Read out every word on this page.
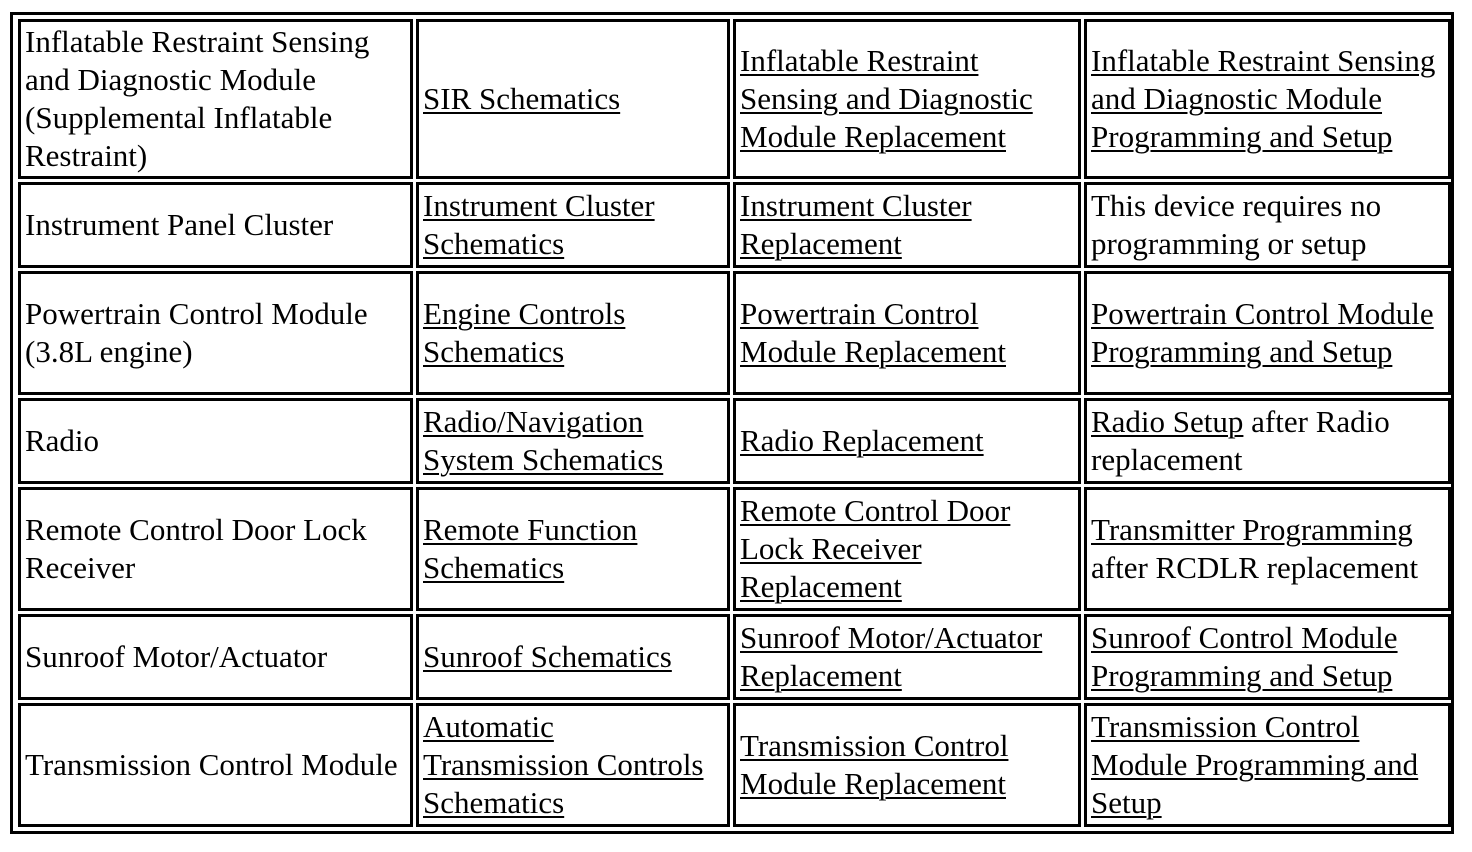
Inflatable Restraint Sensing and Diagnostic Module (Supplemental Inflatable Restraint)	SIR Schematics	Inflatable Restraint Sensing and Diagnostic Module Replacement	Inflatable Restraint Sensing and Diagnostic Module Programming and Setup
Instrument Panel Cluster	Instrument Cluster Schematics	Instrument Cluster Replacement	This device requires no programming or setup
Powertrain Control Module (3.8L engine)	Engine Controls Schematics	Powertrain Control Module Replacement	Powertrain Control Module Programming and Setup
Radio	Radio/Navigation System Schematics	Radio Replacement	Radio Setup after Radio replacement
Remote Control Door Lock Receiver	Remote Function Schematics	Remote Control Door Lock Receiver Replacement	Transmitter Programming after RCDLR replacement
Sunroof Motor/Actuator	Sunroof Schematics	Sunroof Motor/Actuator Replacement	Sunroof Control Module Programming and Setup
Transmission Control Module	Automatic Transmission Controls Schematics	Transmission Control Module Replacement	Transmission Control Module Programming and Setup
